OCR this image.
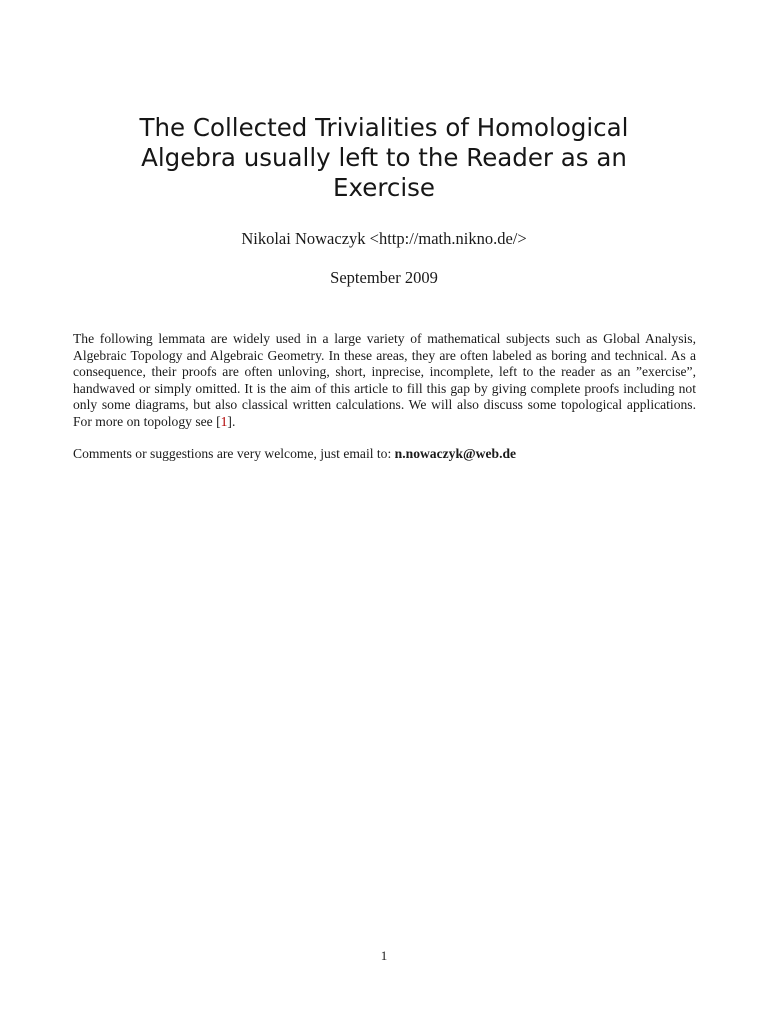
The Collected Trivialities of Homological
Algebra usually left to the Reader as an
Exercise
Nikolai Nowaczyk <http://math.nikno.de/>
September 2009

The following lemmata are widely used in a large variety of mathematical subjects such as Global Analysis, Algebraic Topology and Algebraic Geometry. In these areas, they are often labeled as boring and technical. As a consequence, their proofs are often unloving, short, inprecise, incomplete, left to the reader as an ”exercise”, handwaved or simply omitted. It is the aim of this article to fill this gap by giving complete proofs including not only some diagrams, but also classical written calculations. We will also discuss some topological applications. For more on topology see [1].

Comments or suggestions are very welcome, just email to: n.nowaczyk@web.de

1
